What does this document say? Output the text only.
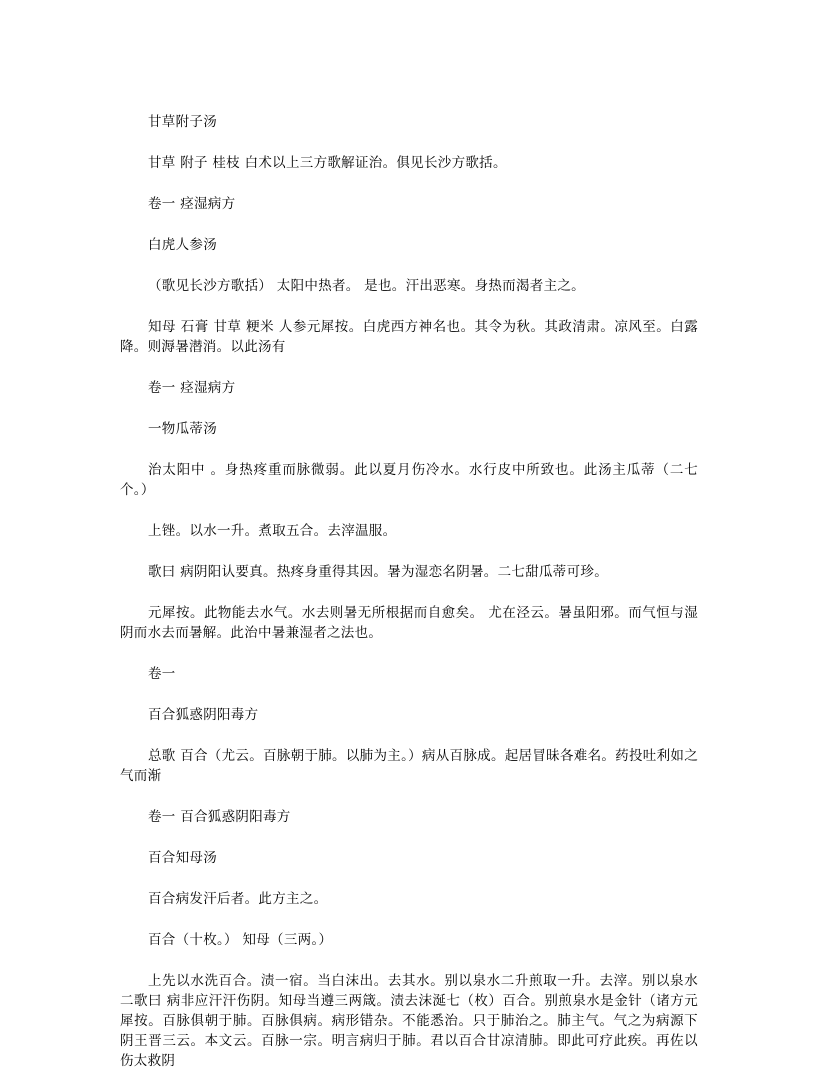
甘草附子汤

甘草 附子 桂枝 白术以上三方歌解证治。俱见长沙方歌括。

卷一 痉湿病方

白虎人参汤

（歌见长沙方歌括） 太阳中热者。 是也。汗出恶寒。身热而渴者主之。

知母 石膏 甘草 粳米 人参元犀按。白虎西方神名也。其令为秋。其政清肃。凉风至。白露降。则溽暑潜消。以此汤有

卷一 痉湿病方

一物瓜蒂汤

治太阳中 。身热疼重而脉微弱。此以夏月伤冷水。水行皮中所致也。此汤主瓜蒂（二七个。）

上锉。以水一升。煮取五合。去滓温服。

歌曰 病阴阳认要真。热疼身重得其因。暑为湿恋名阴暑。二七甜瓜蒂可珍。

元犀按。此物能去水气。水去则暑无所根据而自愈矣。 尤在泾云。暑虽阳邪。而气恒与湿阴而水去而暑解。此治中暑兼湿者之法也。

卷一

百合狐惑阴阳毒方

总歌 百合（尤云。百脉朝于肺。以肺为主。）病从百脉成。起居冒昧各难名。药投吐利如之气而渐

卷一 百合狐惑阴阳毒方

百合知母汤

百合病发汗后者。此方主之。

百合（十枚。） 知母（三两。）

上先以水洗百合。渍一宿。当白沫出。去其水。别以泉水二升煎取一升。去滓。别以泉水二歌曰 病非应汗汗伤阴。知母当遵三两箴。渍去沫涎七（枚）百合。别煎泉水是金针（诸方元犀按。百脉俱朝于肺。百脉俱病。病形错杂。不能悉治。只于肺治之。肺主气。气之为病源下阴王晋三云。本文云。百脉一宗。明言病归于肺。君以百合甘凉清肺。即此可疗此疾。再佐以伤太救阴
